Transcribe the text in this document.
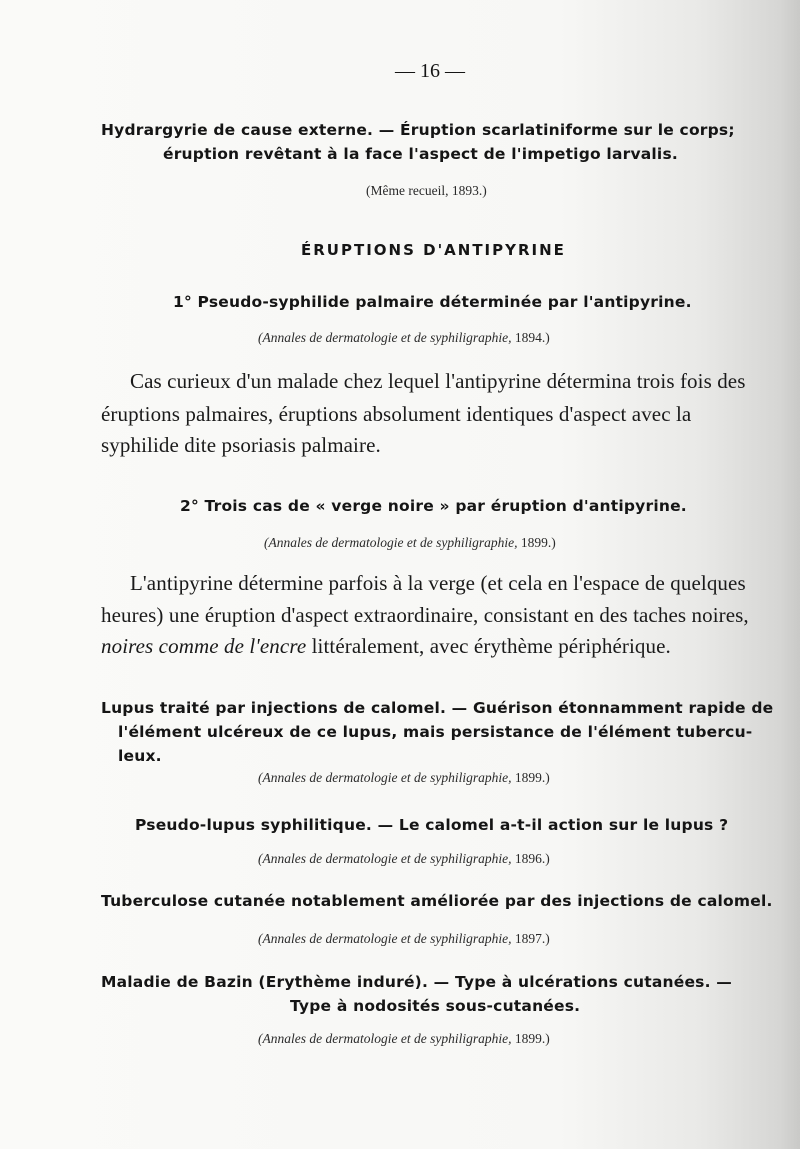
— 16 —
Hydrargyrie de cause externe. — Éruption scarlatiniforme sur le corps;
éruption revêtant à la face l'aspect de l'impetigo larvalis.
(Même recueil, 1893.)
ÉRUPTIONS D'ANTIPYRINE
1° Pseudo-syphilide palmaire déterminée par l'antipyrine.
(Annales de dermatologie et de syphiligraphie, 1894.)
Cas curieux d'un malade chez lequel l'antipyrine détermina trois fois des
éruptions palmaires, éruptions absolument identiques d'aspect avec la
syphilide dite psoriasis palmaire.
2° Trois cas de « verge noire » par éruption d'antipyrine.
(Annales de dermatologie et de syphiligraphie, 1899.)
L'antipyrine détermine parfois à la verge (et cela en l'espace de quelques
heures) une éruption d'aspect extraordinaire, consistant en des taches noires,
noires comme de l'encre littéralement, avec érythème périphérique.
Lupus traité par injections de calomel. — Guérison étonnamment rapide de
l'élément ulcéreux de ce lupus, mais persistance de l'élément tubercu-
leux.
(Annales de dermatologie et de syphiligraphie, 1899.)
Pseudo-lupus syphilitique. — Le calomel a-t-il action sur le lupus ?
(Annales de dermatologie et de syphiligraphie, 1896.)
Tuberculose cutanée notablement améliorée par des injections de calomel.
(Annales de dermatologie et de syphiligraphie, 1897.)
Maladie de Bazin (Erythème induré). — Type à ulcérations cutanées. —
Type à nodosités sous-cutanées.
(Annales de dermatologie et de syphiligraphie, 1899.)
